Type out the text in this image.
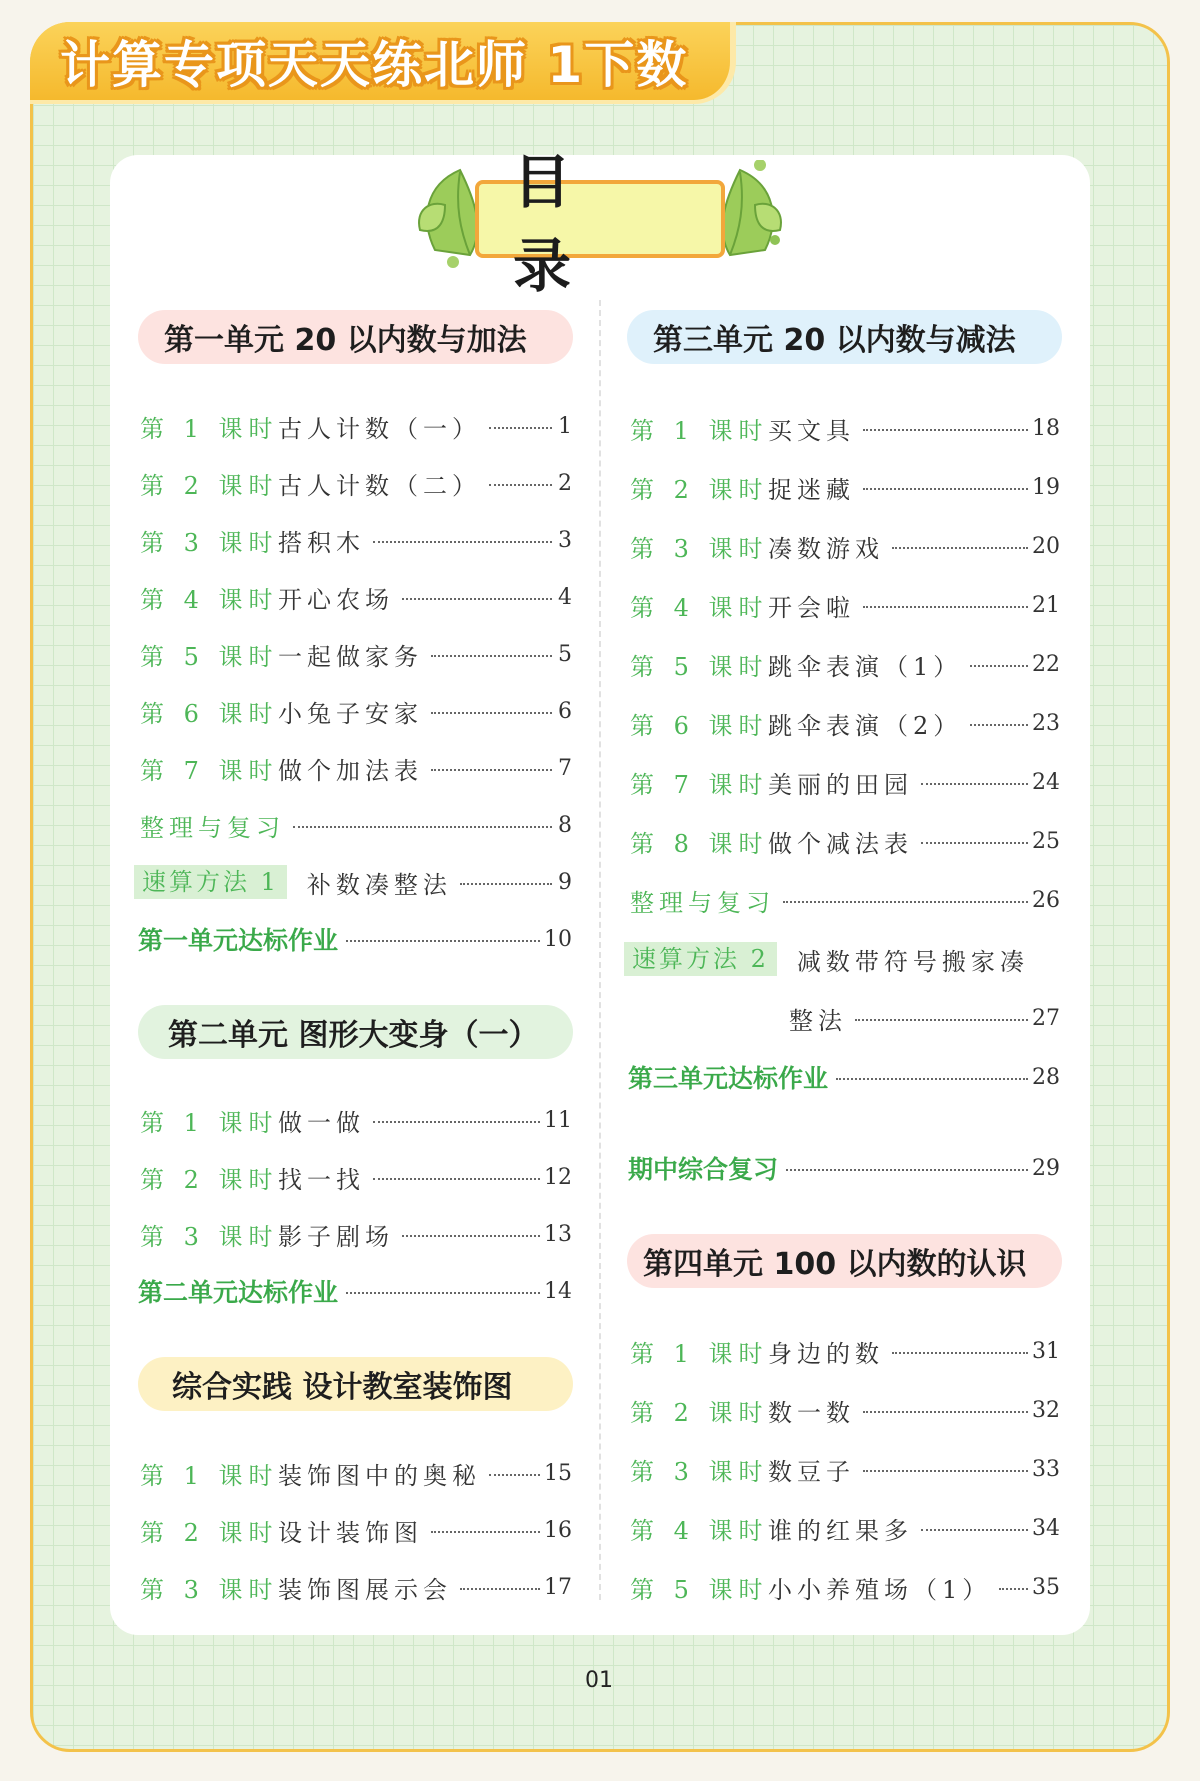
计算专项天天练北师 1下数
目 录
第一单元 20 以内数与加法
第 1 课时 古人计数（一）	1
第 2 课时 古人计数（二）	2
第 3 课时 搭积木	3
第 4 课时 开心农场	4
第 5 课时 一起做家务	5
第 6 课时 小兔子安家	6
第 7 课时 做个加法表	7
整理与复习	8
速算方法 1	补数凑整法	9
第一单元达标作业	10
第二单元 图形大变身（一）
第 1 课时 做一做	11
第 2 课时 找一找	12
第 3 课时 影子剧场	13
第二单元达标作业	14
综合实践 设计教室装饰图
第 1 课时 装饰图中的奥秘	15
第 2 课时 设计装饰图	16
第 3 课时 装饰图展示会	17
第三单元 20 以内数与减法
第 1 课时 买文具	18
第 2 课时 捉迷藏	19
第 3 课时 凑数游戏	20
第 4 课时 开会啦	21
第 5 课时 跳伞表演（1）	22
第 6 课时 跳伞表演（2）	23
第 7 课时 美丽的田园	24
第 8 课时 做个减法表	25
整理与复习	26
速算方法 2	减数带符号搬家凑
整法	27
第三单元达标作业	28
期中综合复习	29
第四单元 100 以内数的认识
第 1 课时 身边的数	31
第 2 课时 数一数	32
第 3 课时 数豆子	33
第 4 课时 谁的红果多	34
第 5 课时 小小养殖场（1） 35
01
